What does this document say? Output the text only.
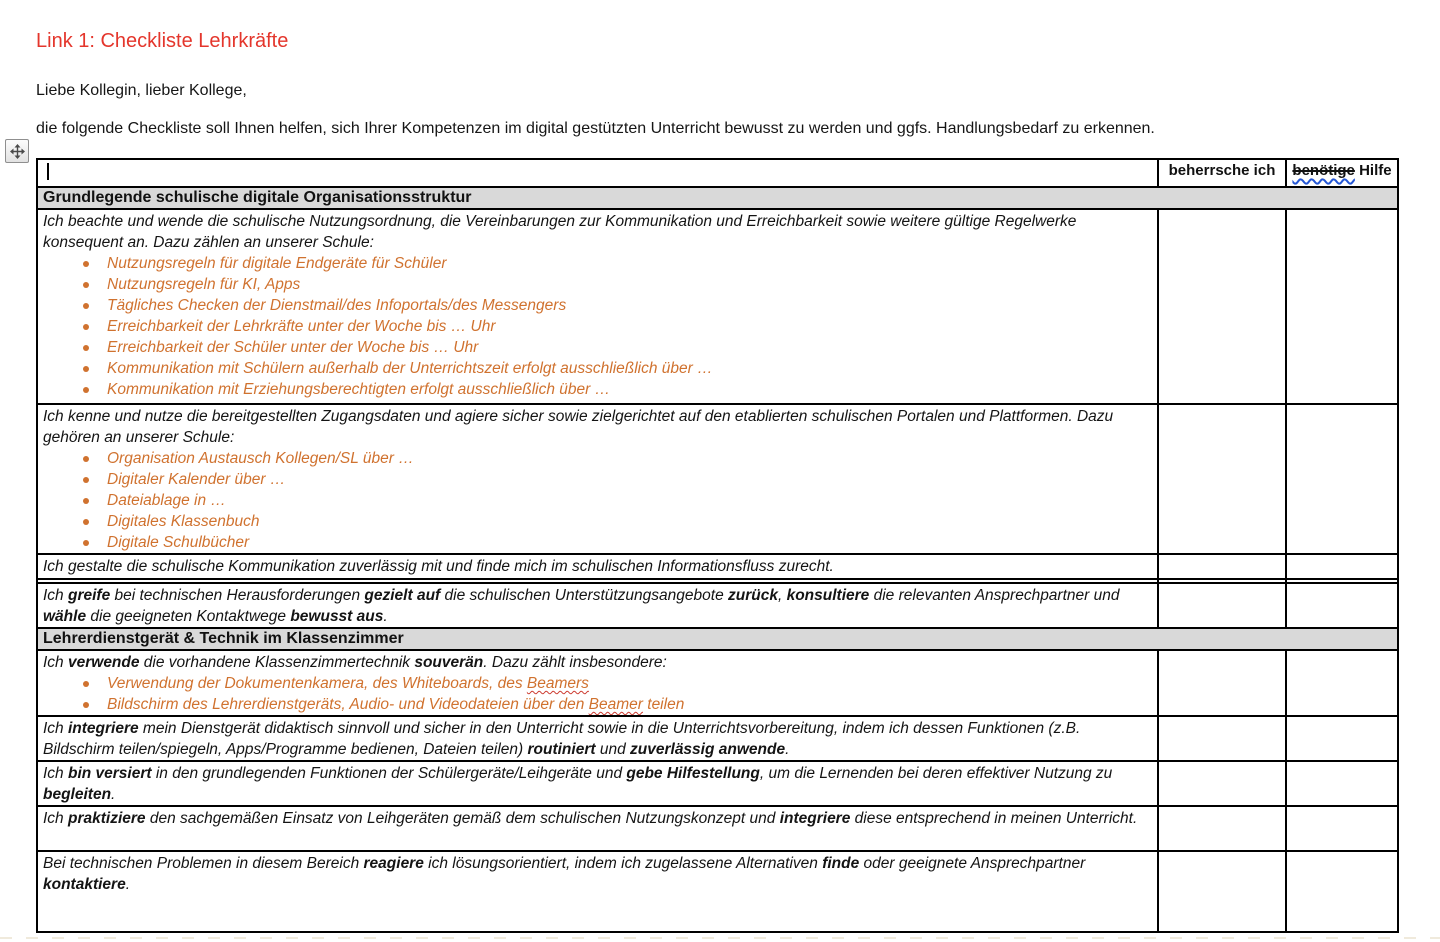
Link 1: Checkliste Lehrkräfte

Liebe Kollegin, lieber Kollege,

die folgende Checkliste soll Ihnen helfen, sich Ihrer Kompetenzen im digital gestützten Unterricht bewusst zu werden und ggfs. Handlungsbedarf zu erkennen.

	beherrsche ich	benötige Hilfe
Grundlegende schulische digitale Organisationsstruktur		

Ich beachte und wende die schulische Nutzungsordnung, die Vereinbarungen zur Kommunikation und Erreichbarkeit sowie weitere gültige Regelwerke konsequent an. Dazu zählen an unserer Schule:
Nutzungsregeln für digitale Endgeräte für Schüler
Nutzungsregeln für KI, Apps
Tägliches Checken der Dienstmail/des Infoportals/des Messengers
Erreichbarkeit der Lehrkräfte unter der Woche bis … Uhr
Erreichbarkeit der Schüler unter der Woche bis … Uhr
Kommunikation mit Schülern außerhalb der Unterrichtszeit erfolgt ausschließlich über …
Kommunikation mit Erziehungsberechtigten erfolgt ausschließlich über …

Ich kenne und nutze die bereitgestellten Zugangsdaten und agiere sicher sowie zielgerichtet auf den etablierten schulischen Portalen und Plattformen. Dazu gehören an unserer Schule:
Organisation Austausch Kollegen/SL über …
Digitaler Kalender über …
Dateiablage in …
Digitales Klassenbuch
Digitale Schulbücher

Ich gestalte die schulische Kommunikation zuverlässig mit und finde mich im schulischen Informationsfluss zurecht.		

Ich greife bei technischen Herausforderungen gezielt auf die schulischen Unterstützungsangebote zurück, konsultiere die relevanten Ansprechpartner und wähle die geeigneten Kontaktwege bewusst aus.		

Lehrerdienstgerät & Technik im Klassenzimmer		

Ich verwende die vorhandene Klassenzimmertechnik souverän. Dazu zählt insbesondere:
Verwendung der Dokumentenkamera, des Whiteboards, des Beamers
Bildschirm des Lehrerdienstgeräts, Audio- und Videodateien über den Beamer teilen

Ich integriere mein Dienstgerät didaktisch sinnvoll und sicher in den Unterricht sowie in die Unterrichtsvorbereitung, indem ich dessen Funktionen (z.B. Bildschirm teilen/spiegeln, Apps/Programme bedienen, Dateien teilen) routiniert und zuverlässig anwende.		

Ich bin versiert in den grundlegenden Funktionen der Schülergeräte/Leihgeräte und gebe Hilfestellung, um die Lernenden bei deren effektiver Nutzung zu begleiten.		

Ich praktiziere den sachgemäßen Einsatz von Leihgeräten gemäß dem schulischen Nutzungskonzept und integriere diese entsprechend in meinen Unterricht.		

Bei technischen Problemen in diesem Bereich reagiere ich lösungsorientiert, indem ich zugelassene Alternativen finde oder geeignete Ansprechpartner kontaktiere.		
